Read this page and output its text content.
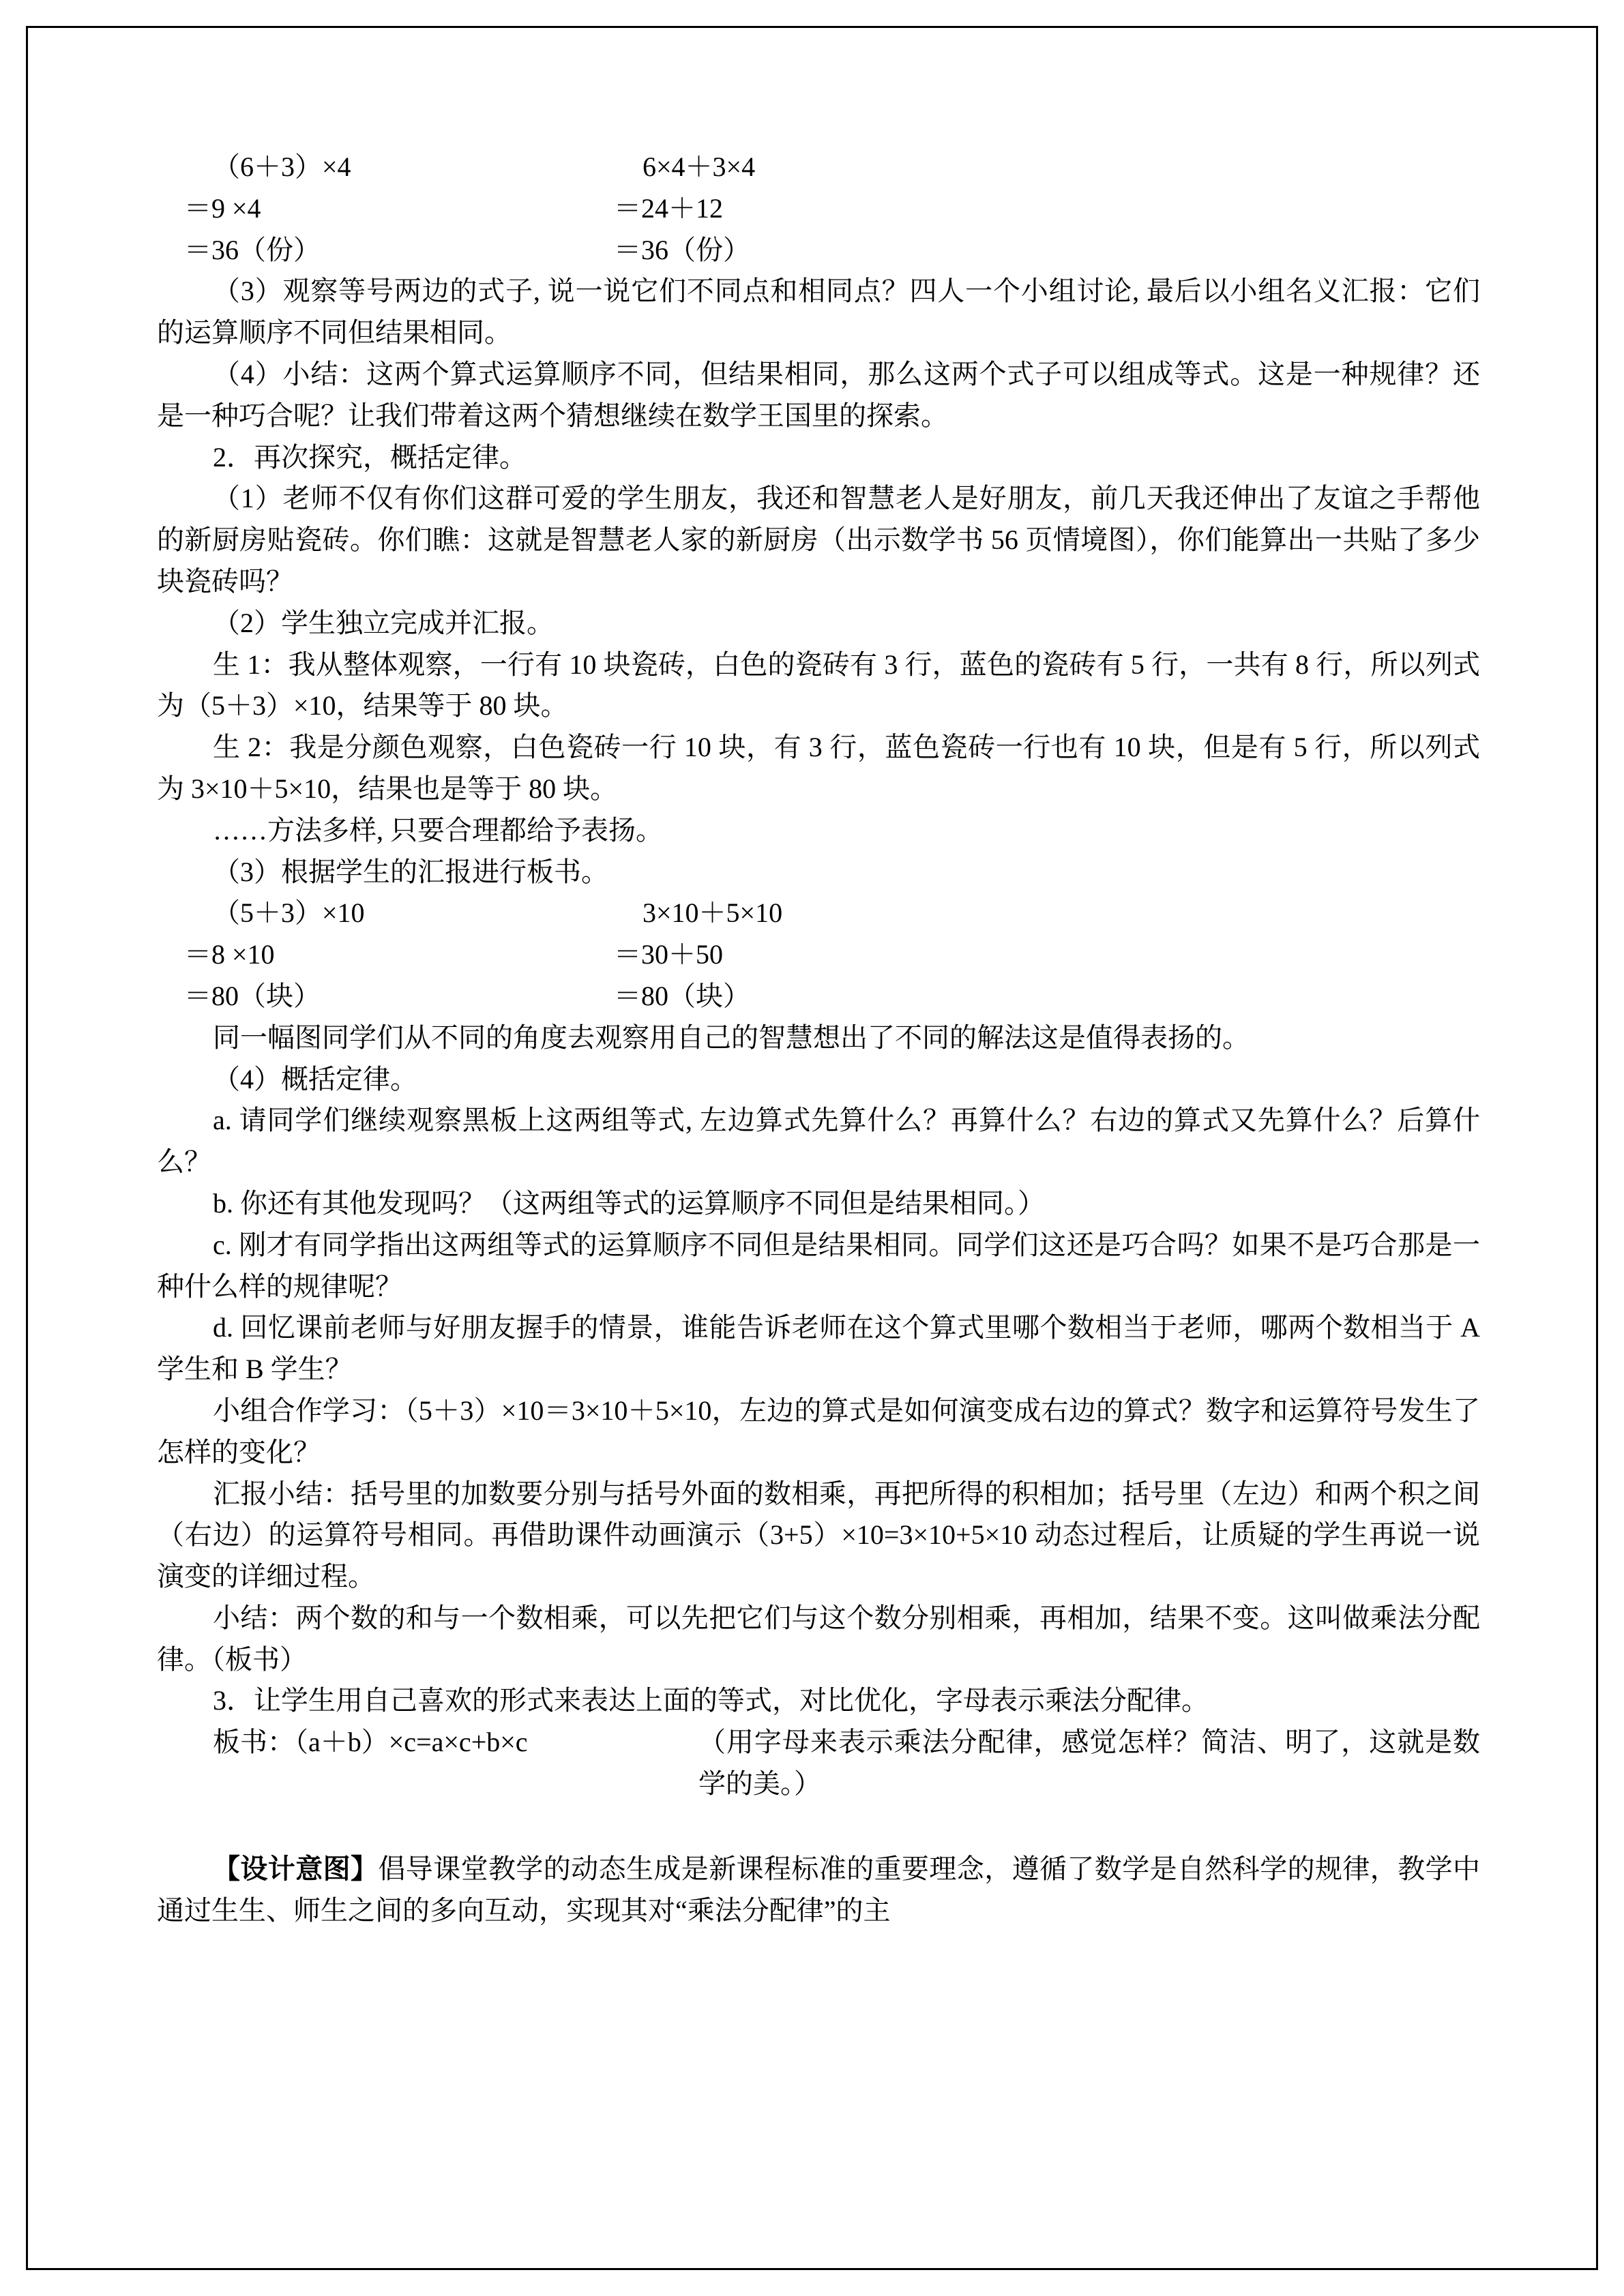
（6＋3）×4	6×4＋3×4
＝9 ×4	＝24＋12
＝36（份）	＝36（份）

（3）观察等号两边的式子, 说一说它们不同点和相同点？四人一个小组讨论, 最后以小组名义汇报：它们的运算顺序不同但结果相同。

（4）小结：这两个算式运算顺序不同，但结果相同，那么这两个式子可以组成等式。这是一种规律？还是一种巧合呢？让我们带着这两个猜想继续在数学王国里的探索。

2．再次探究，概括定律。

（1）老师不仅有你们这群可爱的学生朋友，我还和智慧老人是好朋友，前几天我还伸出了友谊之手帮他的新厨房贴瓷砖。你们瞧：这就是智慧老人家的新厨房（出示数学书 56 页情境图），你们能算出一共贴了多少块瓷砖吗？

（2）学生独立完成并汇报。

生 1：我从整体观察，一行有 10 块瓷砖，白色的瓷砖有 3 行，蓝色的瓷砖有 5 行，一共有 8 行，所以列式为（5＋3）×10，结果等于 80 块。

生 2：我是分颜色观察，白色瓷砖一行 10 块，有 3 行，蓝色瓷砖一行也有 10 块，但是有 5 行，所以列式为 3×10＋5×10，结果也是等于 80 块。

……方法多样, 只要合理都给予表扬。

（3）根据学生的汇报进行板书。

（5＋3）×10	3×10＋5×10
＝8 ×10	＝30＋50
＝80（块）	＝80（块）

同一幅图同学们从不同的角度去观察用自己的智慧想出了不同的解法这是值得表扬的。

（4）概括定律。

a. 请同学们继续观察黑板上这两组等式, 左边算式先算什么？再算什么？右边的算式又先算什么？后算什么？

b. 你还有其他发现吗？（这两组等式的运算顺序不同但是结果相同。）

c. 刚才有同学指出这两组等式的运算顺序不同但是结果相同。同学们这还是巧合吗？如果不是巧合那是一种什么样的规律呢？

d. 回忆课前老师与好朋友握手的情景，谁能告诉老师在这个算式里哪个数相当于老师，哪两个数相当于 A 学生和 B 学生？

小组合作学习：（5＋3）×10＝3×10＋5×10，左边的算式是如何演变成右边的算式？数字和运算符号发生了怎样的变化？

汇报小结：括号里的加数要分别与括号外面的数相乘，再把所得的积相加；括号里（左边）和两个积之间（右边）的运算符号相同。再借助课件动画演示（3+5）×10=3×10+5×10 动态过程后，让质疑的学生再说一说演变的详细过程。

小结：两个数的和与一个数相乘，可以先把它们与这个数分别相乘，再相加，结果不变。这叫做乘法分配律。（板书）

3．让学生用自己喜欢的形式来表达上面的等式，对比优化，字母表示乘法分配律。

板书：（a＋b）×c=a×c+b×c	（用字母来表示乘法分配律，感觉怎样？简洁、明了，这就是数学的美。）

【设计意图】倡导课堂教学的动态生成是新课程标准的重要理念，遵循了数学是自然科学的规律，教学中通过生生、师生之间的多向互动，实现其对“乘法分配律”的主
